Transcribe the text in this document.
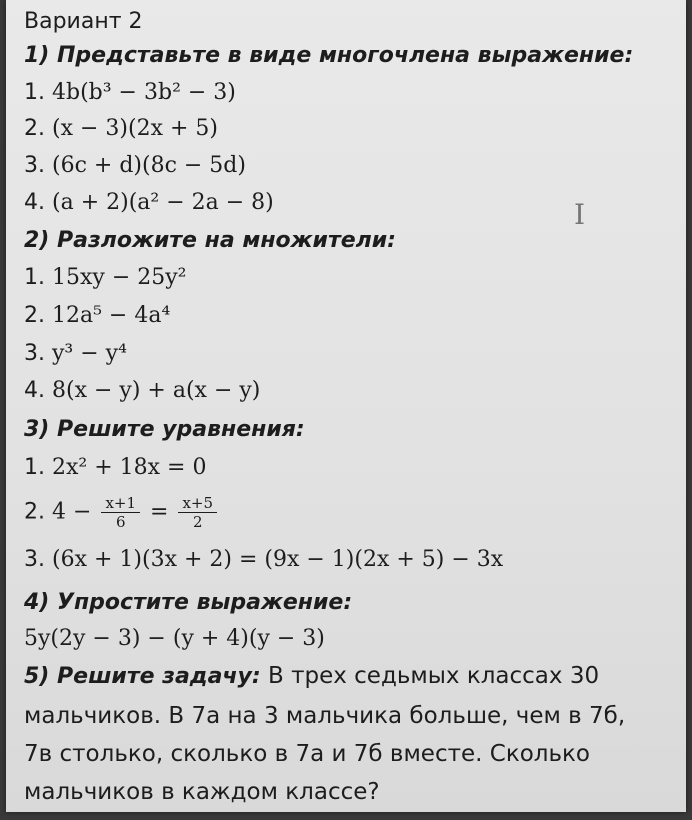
Вариант 2
1) Представьте в виде многочлена выражение:
1. 4b(b³ − 3b² − 3)
2. (x − 3)(2x + 5)
3. (6c + d)(8c − 5d)
4. (a + 2)(a² − 2a − 8)
2) Разложите на множители:
1. 15xy − 25y²
2. 12a⁵ − 4a⁴
3. y³ − y⁴
4. 8(x − y) + a(x − y)
3) Решите уравнения:
1. 2x² + 18x = 0
2. $4 - \frac{x+1}{6} = \frac{x+5}{2}$
3. (6x + 1)(3x + 2) = (9x − 1)(2x + 5) − 3x
4) Упростите выражение:
5y(2y − 3) − (y + 4)(y − 3)
5) Решите задачу: В трех седьмых классах 30
мальчиков. В 7а на 3 мальчика больше, чем в 7б,
7в столько, сколько в 7а и 7б вместе. Сколько
мальчиков в каждом классе?
I
